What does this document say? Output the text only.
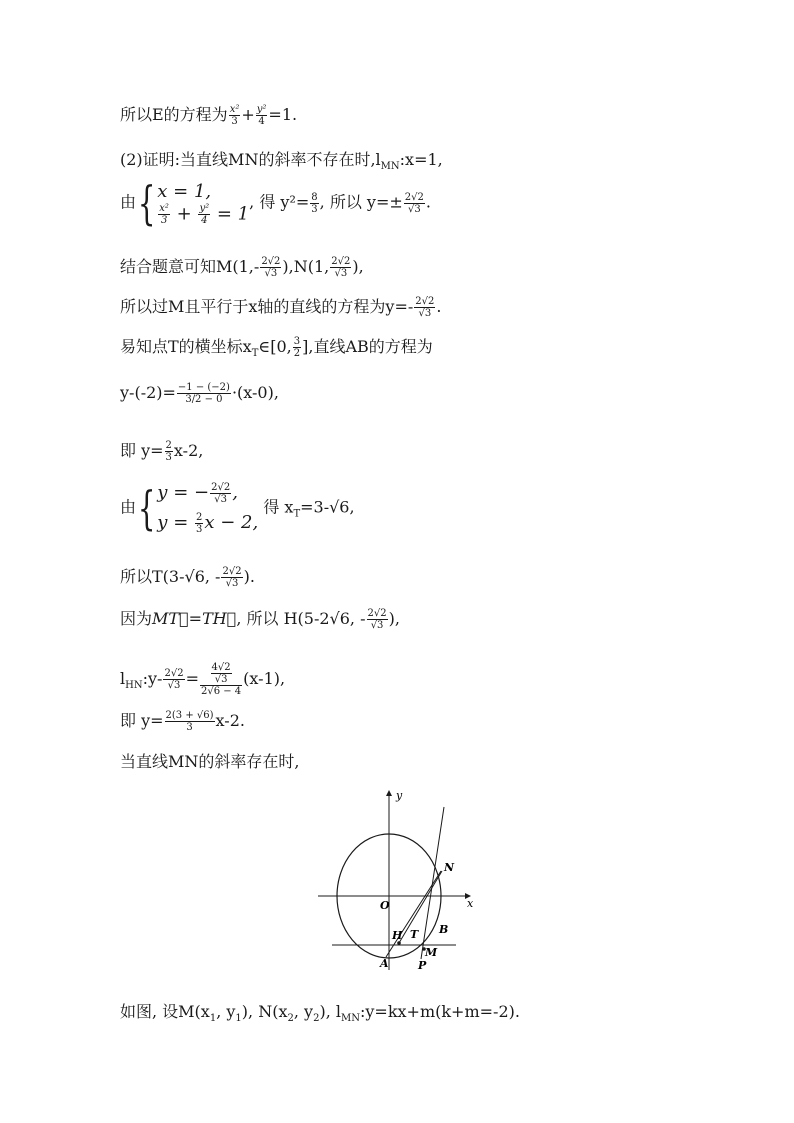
所以E的方程为 $\frac{\text{x²}}{3} + \frac{\text{y²}}{4} =1$.
(2)证明:当直线MN的斜率不存在时$,l_{MN}:x=1$,
由{ x = 1,
$\frac{\text{x²}}{3} + \frac{\text{y²}}{4} = 1$
, 得 $y^2= \frac{8}{3}$ , 所以 $y=\pm \frac{2√2}{√3}$ .
结合题意可知$M(1,- \frac{2√2}{√3} ),N(1$, $\frac{2√2}{√3}$ ),
所以过M且平行于x轴的直线的方程为$y=- \frac{2√2}{√3}$ .
易知点T的横坐标$x_T\in[0$, $\frac{3}{2}$ ],直线AB的方程为
$y-(-2)= \frac{-1 - (-2)}{3/2 - 0} \cdot(x-0)$,
即 $y= \frac{2}{3} x-2$,
由{ y = − $\frac{2√2}{√3}$ ,
$y = \frac{2}{3}$ x − 2,
得 $x_T=3-√6$,
所以T(3-√6, - $\frac{2√2}{√3}$ ).
因为MT⃗=TH⃗, 所以 H(5-2√6, - $\frac{2√2}{√3}$ ),
$l_{HN}:y- \frac{2√2}{√3} = \frac{\frac{4√2}{√3}}{2√6 - 4} (x-1)$,
即 $y= \frac{2(3 + √6)}{3} x-2$.
当直线MN的斜率存在时,
y
x
O
N
B
H T
M
A	P
如图, 设$M(x_1$, $y_1$), $N(x_2$, $y_2$), $l_{MN}:y=kx+m(k+m=-2)$.
